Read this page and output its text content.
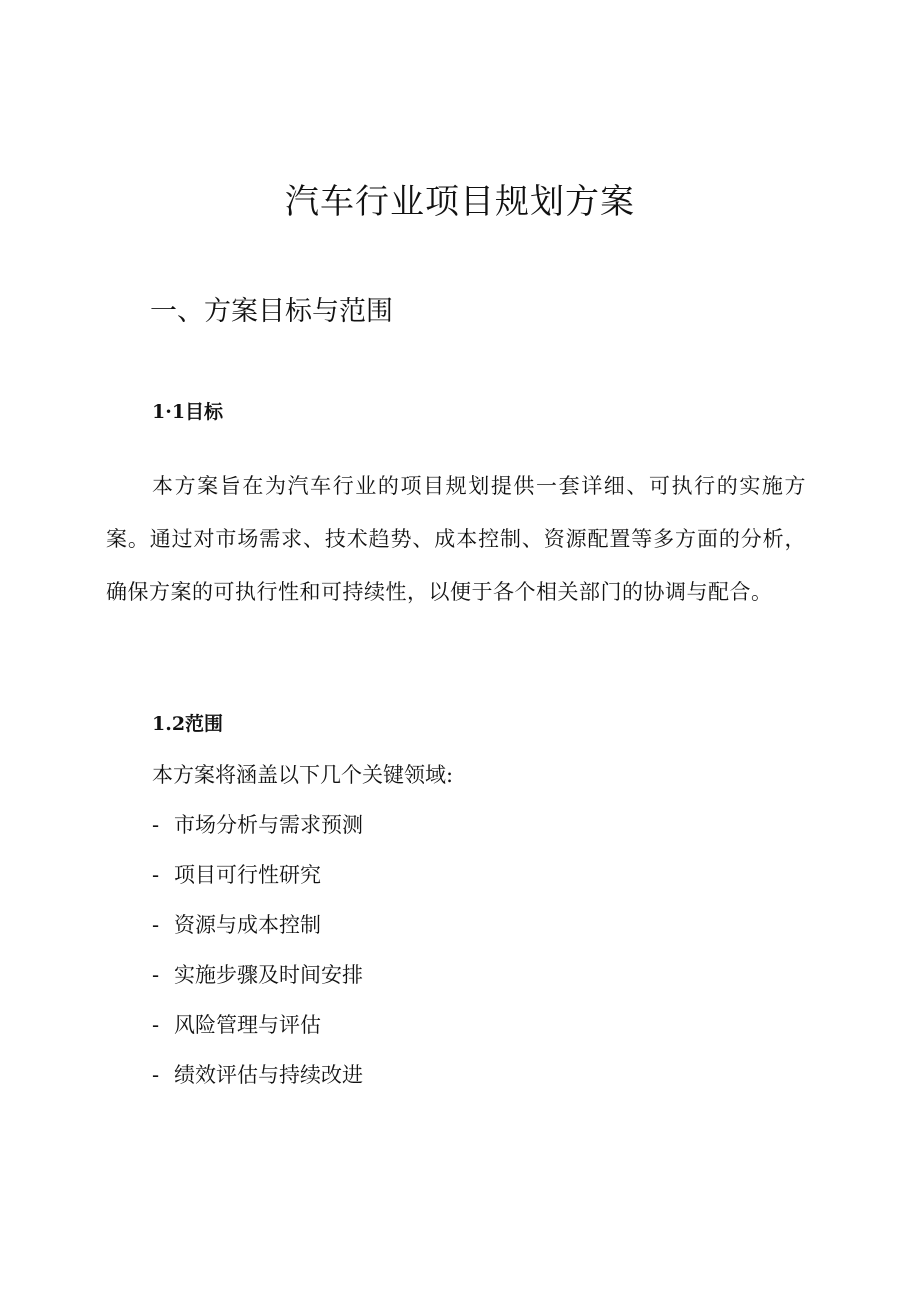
汽车行业项目规划方案
一、方案目标与范围
1·1目标

本方案旨在为汽车行业的项目规划提供一套详细、可执行的实施方案。通过对市场需求、技术趋势、成本控制、资源配置等多方面的分析，确保方案的可执行性和可持续性，以便于各个相关部门的协调与配合。

1.2范围

本方案将涵盖以下几个关键领域:

- 市场分析与需求预测
- 项目可行性研究
- 资源与成本控制
- 实施步骤及时间安排
- 风险管理与评估
- 绩效评估与持续改进
